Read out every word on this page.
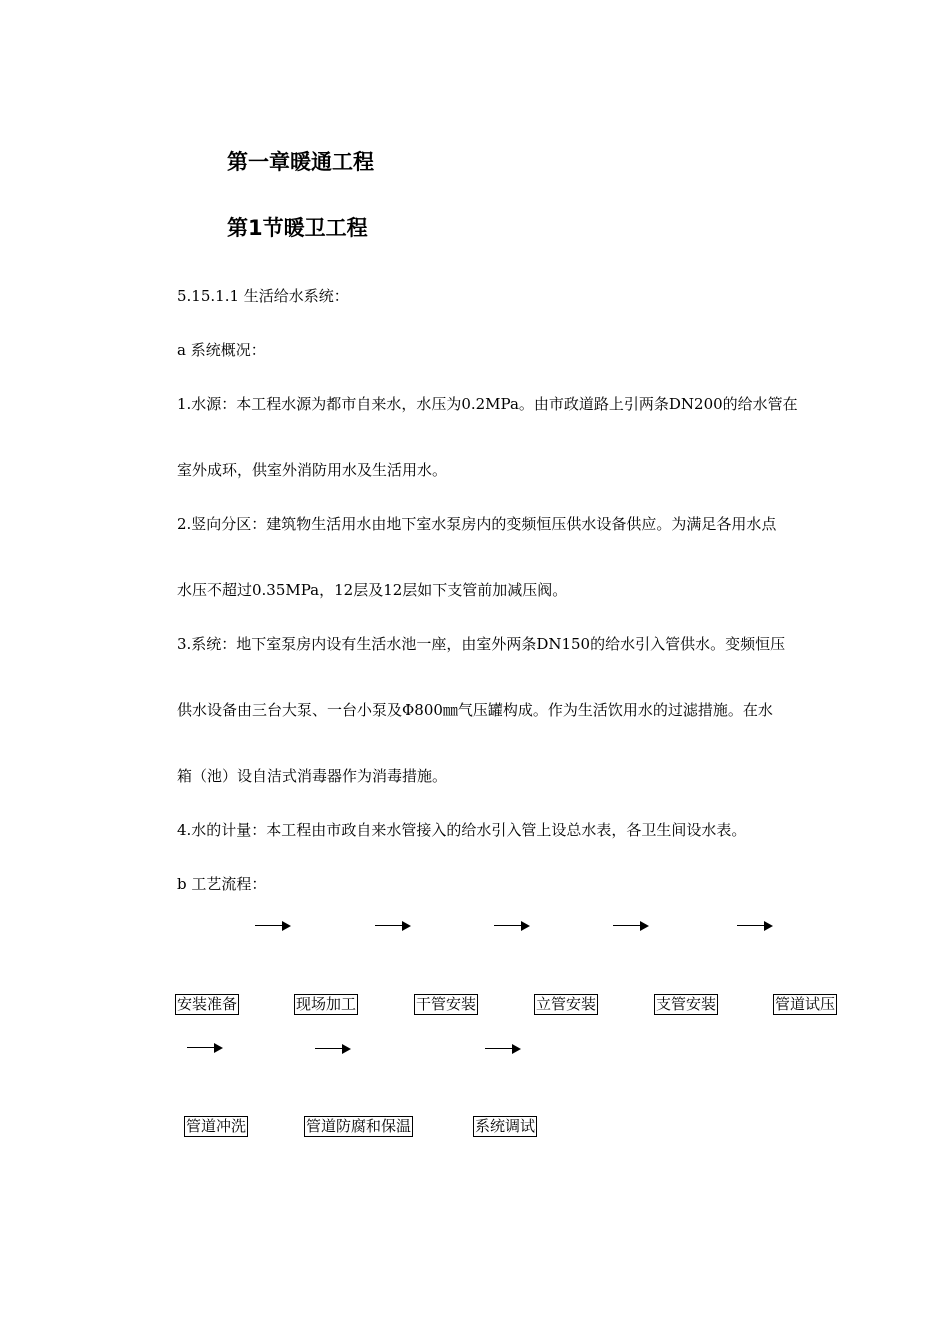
第一章暖通工程
第1节暖卫工程

5.15.1.1 生活给水系统：

a 系统概况：

1.水源：本工程水源为都市自来水，水压为0.2MPa。由市政道路上引两条DN200的给水管在

室外成环，供室外消防用水及生活用水。

2.竖向分区：建筑物生活用水由地下室水泵房内的变频恒压供水设备供应。为满足各用水点

水压不超过0.35MPa，12层及12层如下支管前加减压阀。

3.系统：地下室泵房内设有生活水池一座，由室外两条DN150的给水引入管供水。变频恒压

供水设备由三台大泵、一台小泵及Φ800㎜气压罐构成。作为生活饮用水的过滤措施。在水

箱（池）设自洁式消毒器作为消毒措施。

4.水的计量：本工程由市政自来水管接入的给水引入管上设总水表，各卫生间设水表。

b 工艺流程：

安装准备	现场加工	干管安装	立管安装	支管安装	管道试压
管道冲洗	管道防腐和保温	系统调试
